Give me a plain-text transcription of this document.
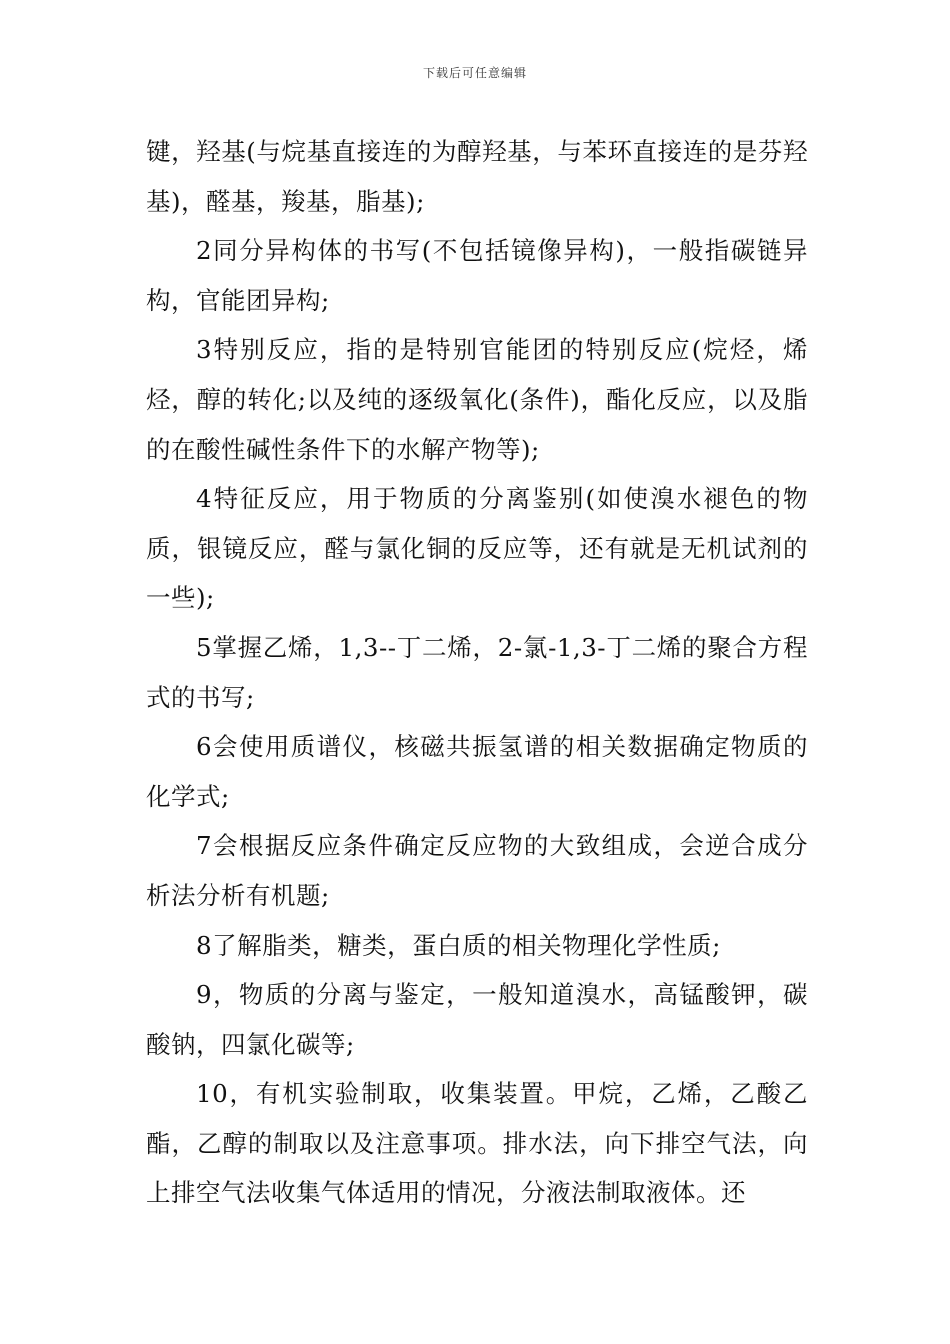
下载后可任意编辑

键，羟基(与烷基直接连的为醇羟基，与苯环直接连的是芬羟基)，醛基，羧基，脂基);

2同分异构体的书写(不包括镜像异构)，一般指碳链异构，官能团异构;

3特别反应，指的是特别官能团的特别反应(烷烃，烯烃，醇的转化;以及纯的逐级氧化(条件)，酯化反应，以及脂的在酸性碱性条件下的水解产物等);

4特征反应，用于物质的分离鉴别(如使溴水褪色的物质，银镜反应，醛与氯化铜的反应等，还有就是无机试剂的一些);

5掌握乙烯，1,3--丁二烯，2-氯-1,3-丁二烯的聚合方程式的书写;

6会使用质谱仪，核磁共振氢谱的相关数据确定物质的化学式;

7会根据反应条件确定反应物的大致组成，会逆合成分析法分析有机题;

8了解脂类，糖类，蛋白质的相关物理化学性质;

9，物质的分离与鉴定，一般知道溴水，高锰酸钾，碳酸钠，四氯化碳等;

10，有机实验制取，收集装置。甲烷，乙烯，乙酸乙酯，乙醇的制取以及注意事项。排水法，向下排空气法，向上排空气法收集气体适用的情况，分液法制取液体。还
